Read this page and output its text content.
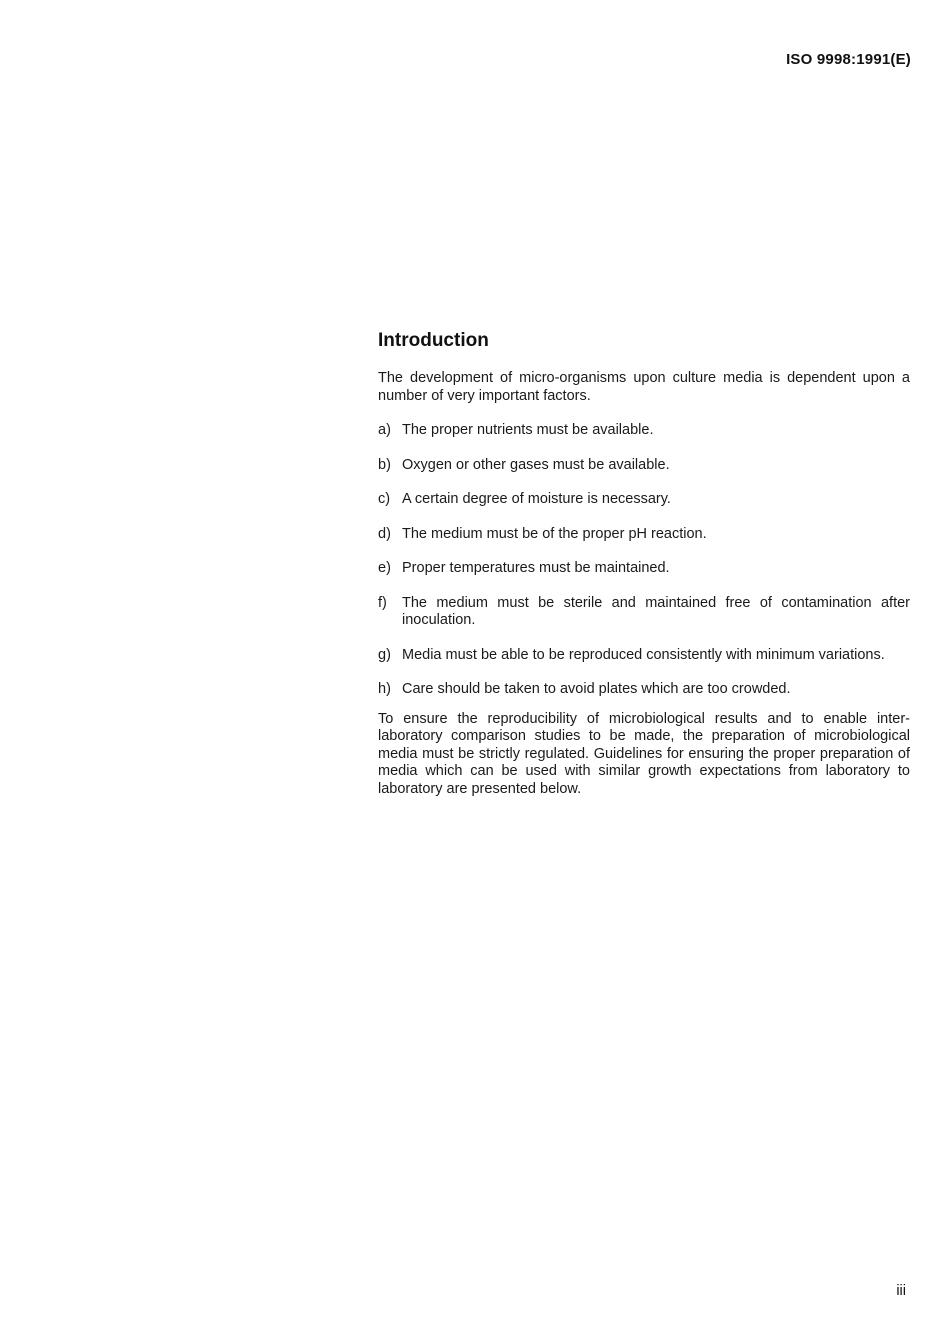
ISO 9998:1991(E)
Introduction

The development of micro-organisms upon culture media is dependent upon a number of very important factors.

a) The proper nutrients must be available.
b) Oxygen or other gases must be available.
c) A certain degree of moisture is necessary.
d) The medium must be of the proper pH reaction.
e) Proper temperatures must be maintained.
f)	The medium must be sterile and maintained free of contamination after inoculation.
g) Media must be able to be reproduced consistently with minimum variations.
h) Care should be taken to avoid plates which are too crowded.

To ensure the reproducibility of microbiological results and to enable inter-laboratory comparison studies to be made, the preparation of microbiological media must be strictly regulated. Guidelines for ensuring the proper preparation of media which can be used with similar growth expectations from laboratory to laboratory are presented below.

iii
